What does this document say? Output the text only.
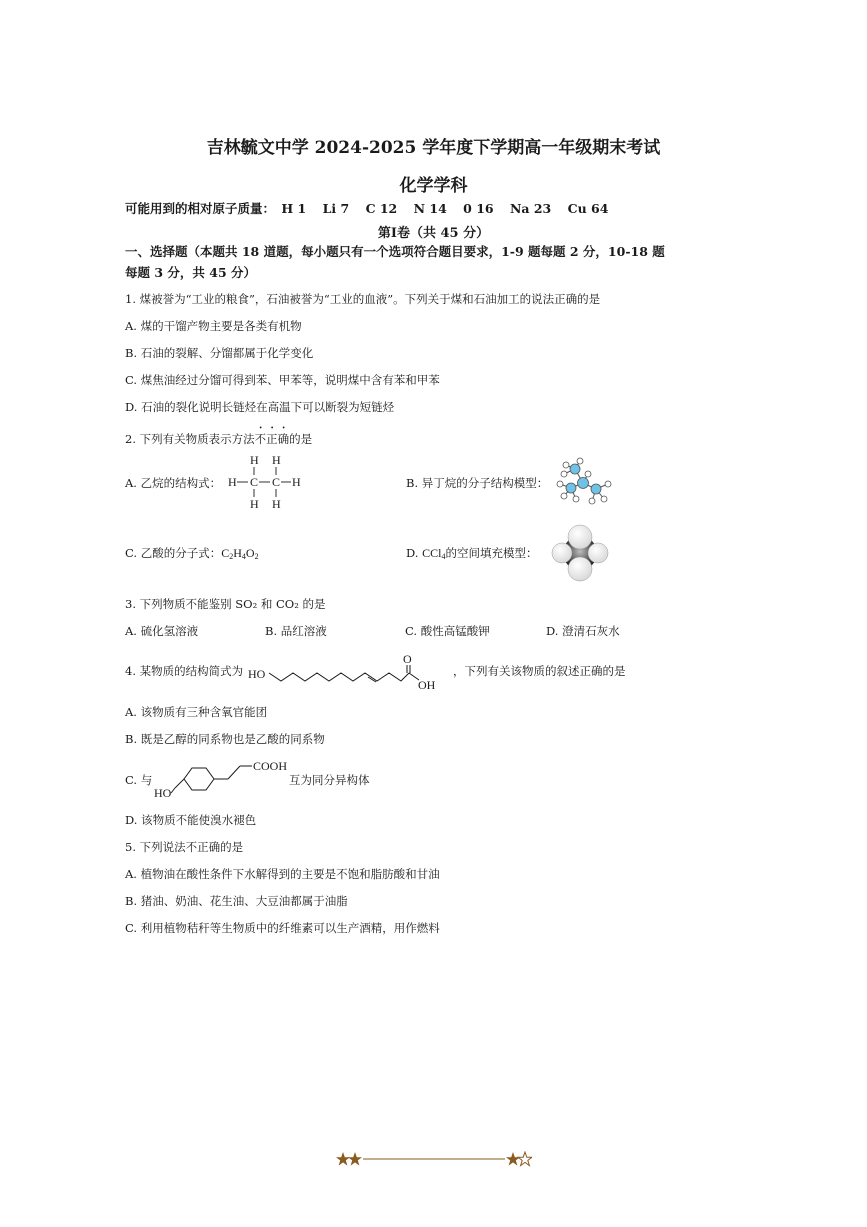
吉林毓文中学 2024-2025 学年度下学期高一年级期末考试
化学学科
可能用到的相对原子质量： H 1 Li 7 C 12 N 14 0 16 Na 23 Cu 64
第Ⅰ卷（共 45 分）
一、选择题（本题共 18 道题，每小题只有一个选项符合题目要求，1-9 题每题 2 分，10-18 题
每题 3 分，共 45 分）
1. 煤被誉为“工业的粮食”，石油被誉为“工业的血液”。下列关于煤和石油加工的说法正确的是
A. 煤的干馏产物主要是各类有机物
B. 石油的裂解、分馏都属于化学变化
C. 煤焦油经过分馏可得到苯、甲苯等，说明煤中含有苯和甲苯
D. 石油的裂化说明长链烃在高温下可以断裂为短链烃
2. 下列有关物质表示方法不正确的是
A. 乙烷的结构式：
H H
H C C H
H H
B. 异丁烷的分子结构模型：
C. 乙酸的分子式：$C_2H_4O_2$	D. CCl$_4$的空间填充模型：
3. 下列物质不能鉴别 SO₂ 和 CO₂ 的是
A. 硫化氢溶液	B. 品红溶液	C. 酸性高锰酸钾	D. 澄清石灰水
4. 某物质的结构简式为 HO
O
OH
，下列有关该物质的叙述正确的是
A. 该物质有三种含氧官能团
B. 既是乙醇的同系物也是乙酸的同系物
C. 与
COOH
HO
互为同分异构体
D. 该物质不能使溴水褪色
5. 下列说法不正确的是
A. 植物油在酸性条件下水解得到的主要是不饱和脂肪酸和甘油
B. 猪油、奶油、花生油、大豆油都属于油脂
C. 利用植物秸秆等生物质中的纤维素可以生产酒精，用作燃料
